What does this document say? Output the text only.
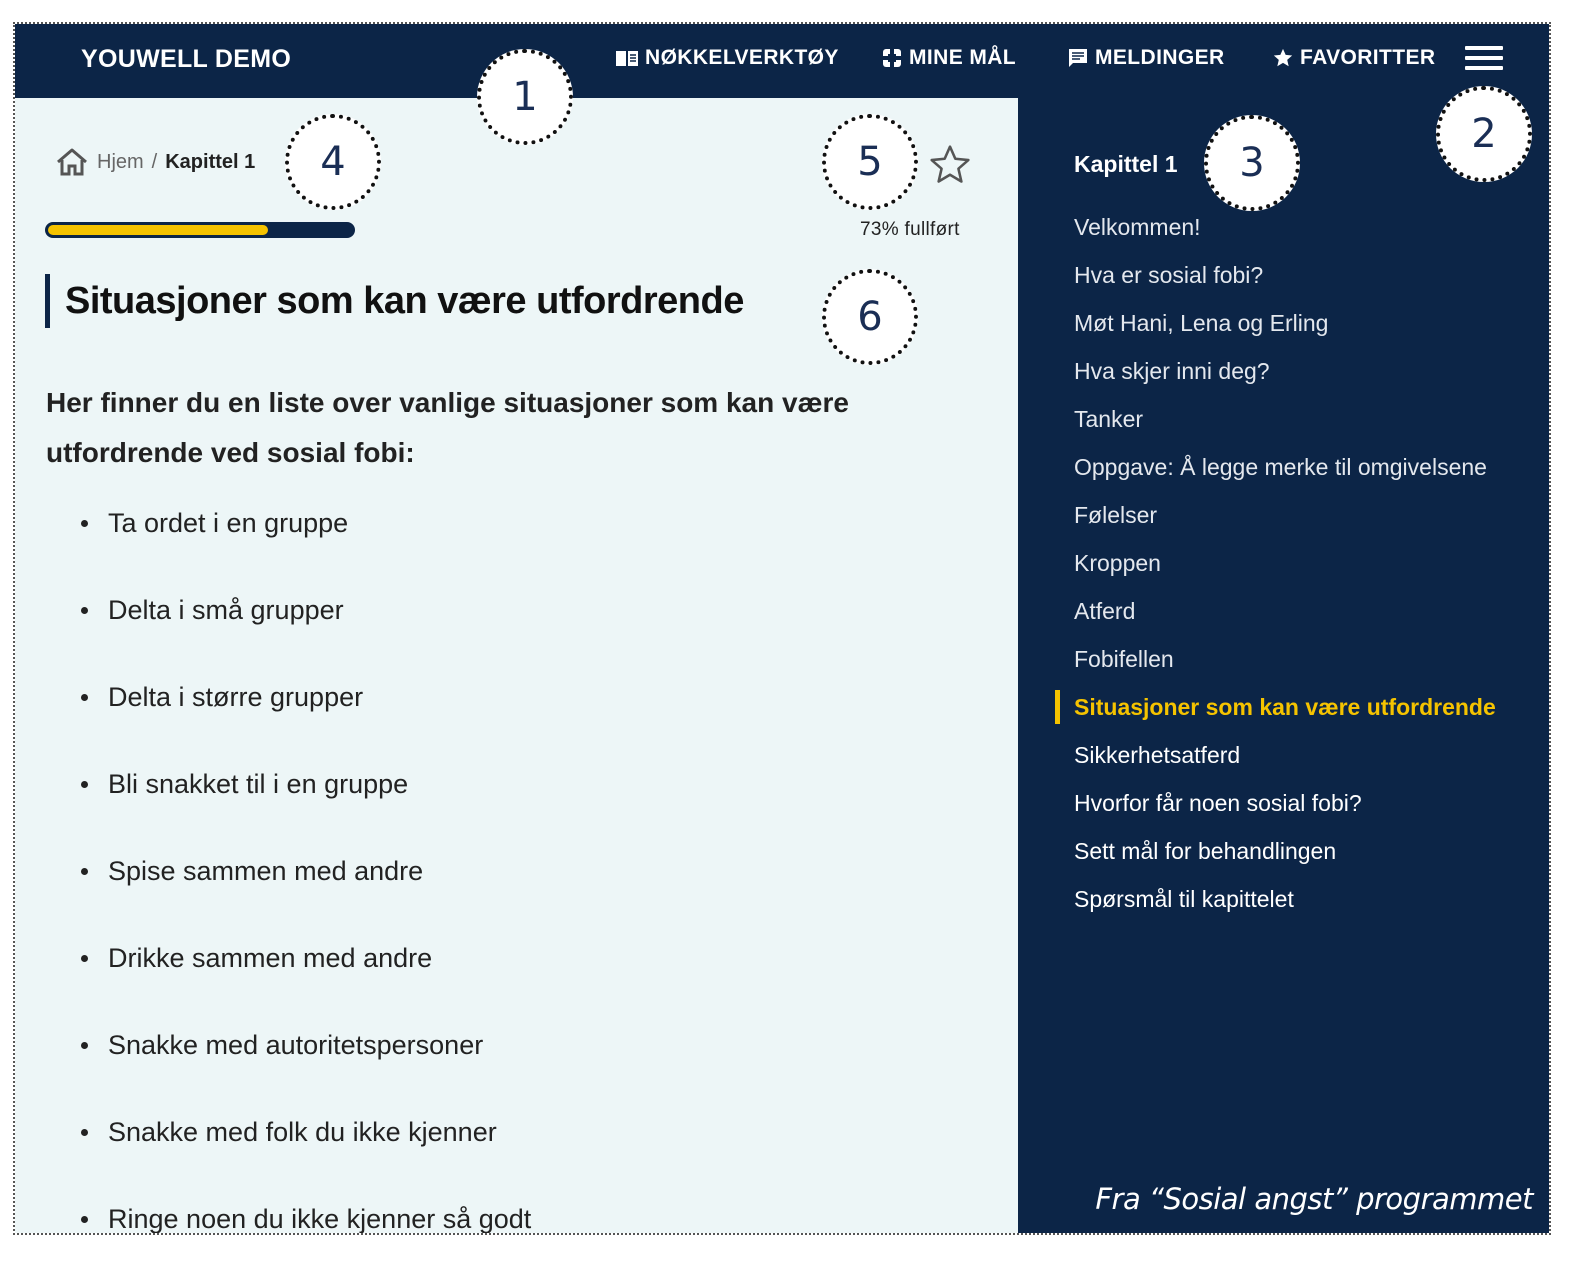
YOUWELL DEMO	NØKKELVERKTØY	MINE MÅL	MELDINGER	FAVORITTER
Hjem / Kapittel 1
73% fullført
Situasjoner som kan være utfordrende
Her finner du en liste over vanlige situasjoner som kan være utfordrende ved sosial fobi:
Ta ordet i en gruppe
Delta i små grupper
Delta i større grupper
Bli snakket til i en gruppe
Spise sammen med andre
Drikke sammen med andre
Snakke med autoritetspersoner
Snakke med folk du ikke kjenner
Ringe noen du ikke kjenner så godt
Kapittel 1
Velkommen!
Hva er sosial fobi?
Møt Hani, Lena og Erling
Hva skjer inni deg?
Tanker
Oppgave: Å legge merke til omgivelsene
Følelser
Kroppen
Atferd
Fobifellen
Situasjoner som kan være utfordrende
Sikkerhetsatferd
Hvorfor får noen sosial fobi?
Sett mål for behandlingen
Spørsmål til kapittelet
Fra “Sosial angst” programmet
1
2
3
4	5
6
